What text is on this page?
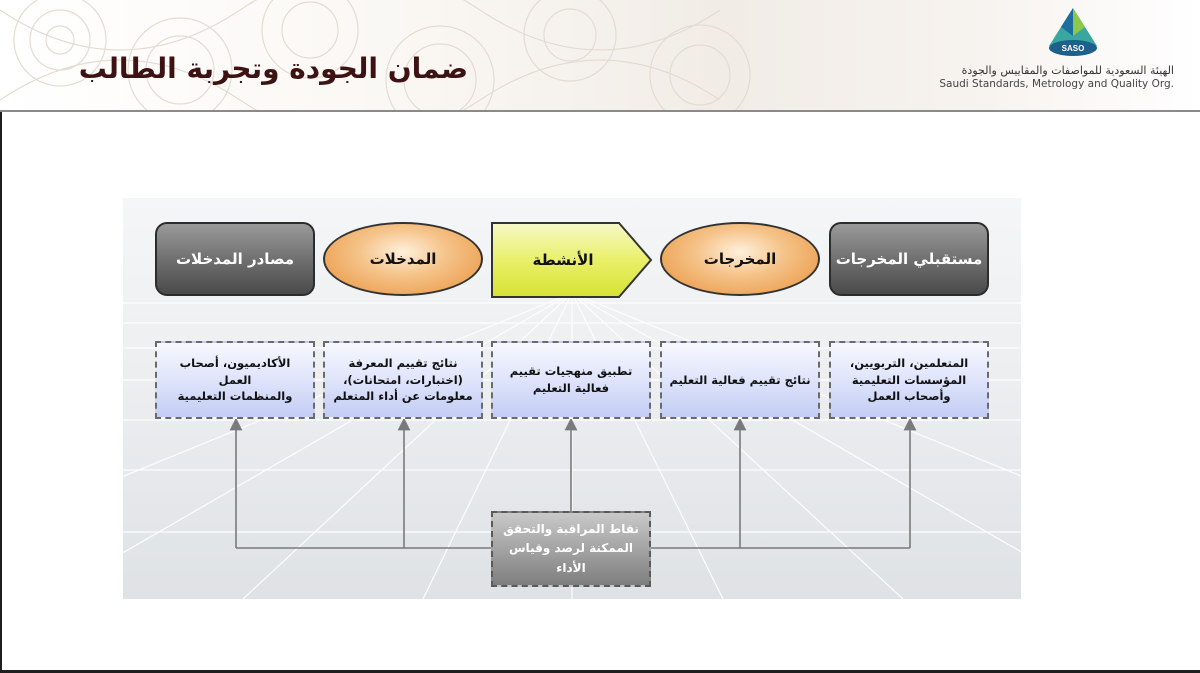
ضمان الجودة وتجربة الطالب
SASO
الهيئة السعودية للمواصفات والمقاييس والجودة
Saudi Standards, Metrology and Quality Org.
مصادر المدخلات	المدخلات	الأنشطة	المخرجات	مستقبلي المخرجات
الأكاديميون، أصحاب العمل
والمنظمات التعليمية
نتائج تقييم المعرفة
(اختبارات، امتحانات)،
معلومات عن أداء المتعلم
تطبيق منهجيات تقييم
فعالية التعليم
نتائج تقييم فعالية التعليم
المتعلمين، التربويين،
المؤسسات التعليمية
وأصحاب العمل
نقاط المراقبة والتحقق
الممكنة لرصد وقياس الأداء
